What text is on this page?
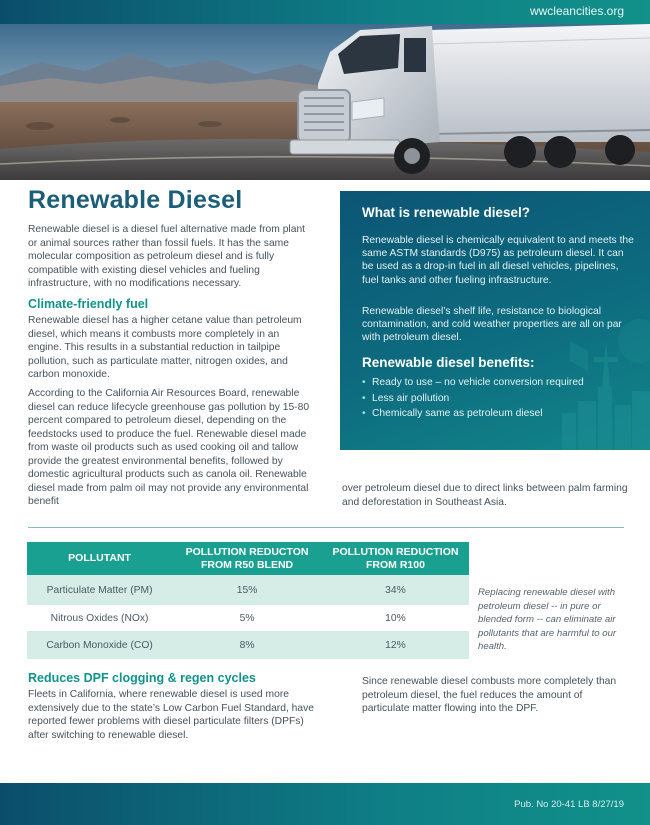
wwcleancities.org
Renewable Diesel

Renewable diesel is a diesel fuel alternative made from plant or animal sources rather than fossil fuels. It has the same molecular composition as petroleum diesel and is fully compatible with existing diesel vehicles and fueling infrastructure, with no modifications necessary.

Climate-friendly fuel

Renewable diesel has a higher cetane value than petroleum diesel, which means it combusts more completely in an engine. This results in a substantial reduction in tailpipe pollution, such as particulate matter, nitrogen oxides, and carbon monoxide.

According to the California Air Resources Board, renewable diesel can reduce lifecycle greenhouse gas pollution by 15-80 percent compared to petroleum diesel, depending on the feedstocks used to produce the fuel. Renewable diesel made from waste oil products such as used cooking oil and tallow provide the greatest environmental benefits, followed by domestic agricultural products such as canola oil. Renewable diesel made from palm oil may not provide any environmental benefit

over petroleum diesel due to direct links between palm farming and deforestation in Southeast Asia.

What is renewable diesel?

Renewable diesel is chemically equivalent to and meets the same ASTM standards (D975) as petroleum diesel. It can be used as a drop-in fuel in all diesel vehicles, pipelines, fuel tanks and other fueling infrastructure.

Renewable diesel’s shelf life, resistance to biological contamination, and cold weather properties are all on par with petroleum diesel.

Renewable diesel benefits:
• Ready to use – no vehicle conversion required
• Less air pollution
• Chemically same as petroleum diesel
POLLUTANT	POLLUTION REDUCTON FROM R50 BLEND	POLLUTION REDUCTION FROM R100
Particulate Matter (PM)	15%	34%
Nitrous Oxides (NOx)	5%	10%
Carbon Monoxide (CO)	8%	12%

Replacing renewable diesel with petroleum diesel -- in pure or blended form -- can eliminate air pollutants that are harmful to our health.

Reduces DPF clogging & regen cycles

Fleets in California, where renewable diesel is used more extensively due to the state’s Low Carbon Fuel Standard, have reported fewer problems with diesel particulate filters (DPFs) after switching to renewable diesel.

Since renewable diesel combusts more completely than petroleum diesel, the fuel reduces the amount of particulate matter flowing into the DPF.

Pub. No 20-41 LB 8/27/19
